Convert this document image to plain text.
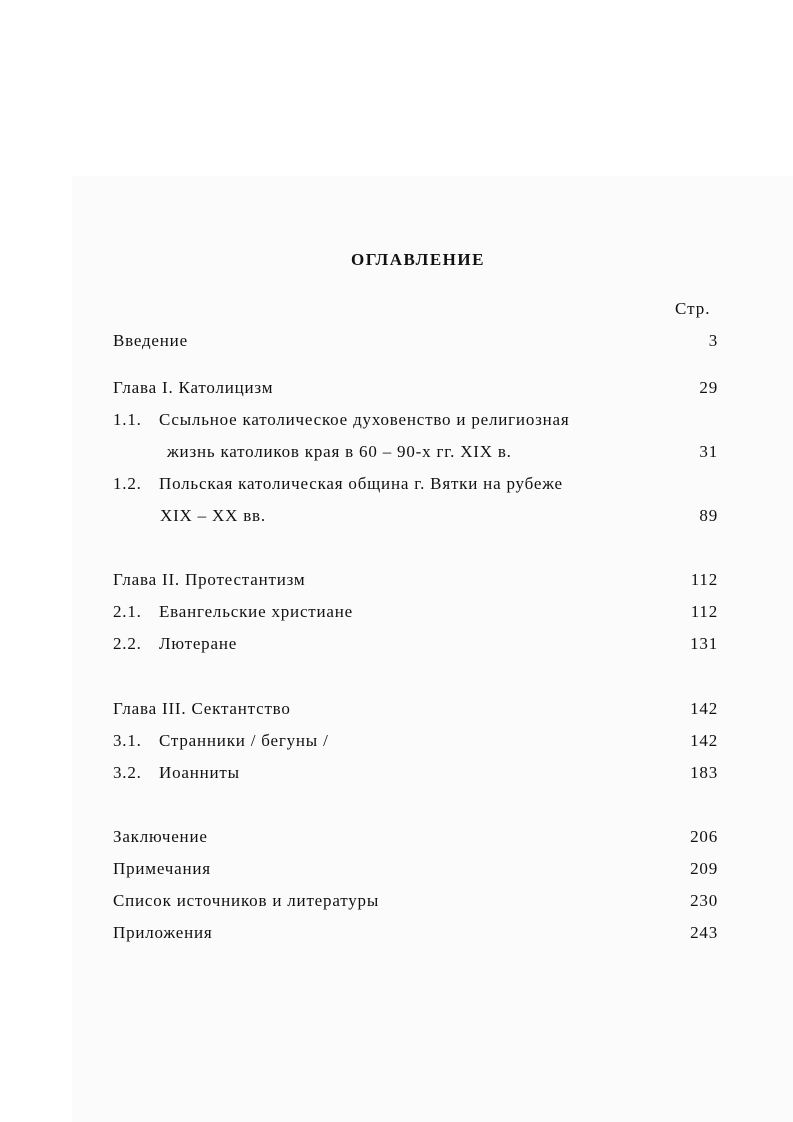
ОГЛАВЛЕНИЕ
Стр.
Введение	3
Глава I. Католицизм	29
1.1. Ссыльное католическое духовенство и религиозная
жизнь католиков края в 60 – 90-х гг. XIX в.	31
1.2. Польская католическая община г. Вятки на рубеже
XIX – XX вв.	89
Глава II. Протестантизм	112
2.1. Евангельские христиане	112
2.2. Лютеране	131
Глава III. Сектантство	142
3.1. Странники / бегуны /	142
3.2. Иоанниты	183
Заключение	206
Примечания	209
Список источников и литературы	230
Приложения	243
